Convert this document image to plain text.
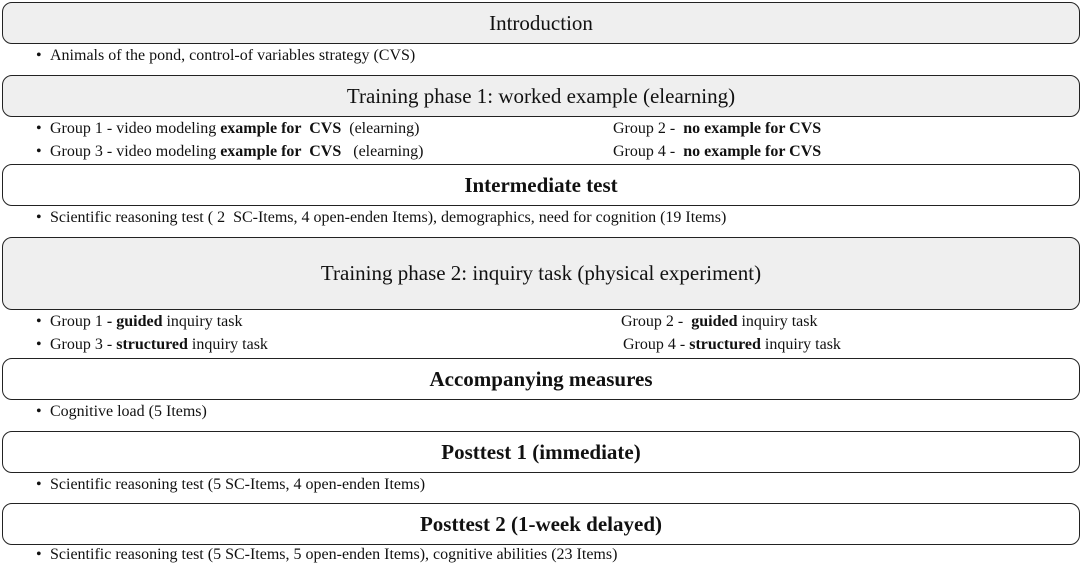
Introduction
• Animals of the pond, control-of variables strategy (CVS)
Training phase 1: worked example (elearning)
• Group 1 - video modeling example for  CVS  (elearning)
• Group 3 - video modeling example for  CVS   (elearning)
Group 2 -  no example for CVS
Group 4 -  no example for CVS
Intermediate test
• Scientific reasoning test ( 2  SC-Items, 4 open-enden Items), demographics, need for cognition (19 Items)
Training phase 2: inquiry task (physical experiment)
• Group 1 - guided inquiry task
• Group 3 - structured inquiry task
Group 2 -  guided inquiry task
Group 4 - structured inquiry task
Accompanying measures
• Cognitive load (5 Items)
Posttest 1 (immediate)
• Scientific reasoning test (5 SC-Items, 4 open-enden Items)
Posttest 2 (1-week delayed)
• Scientific reasoning test (5 SC-Items, 5 open-enden Items), cognitive abilities (23 Items)
